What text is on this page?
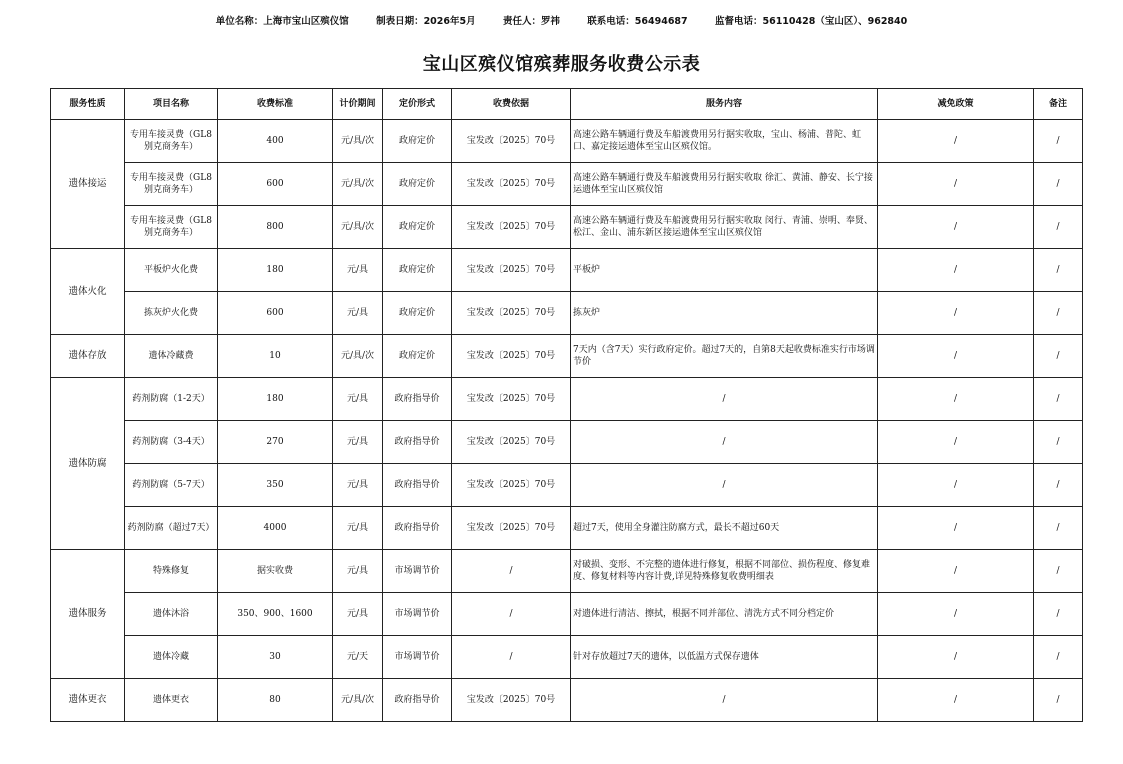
单位名称：上海市宝山区殡仪馆	制表日期：2026年5月	责任人：罗祎	联系电话：56494687	监督电话：56110428（宝山区）、962840
宝山区殡仪馆殡葬服务收费公示表
服务性质	项目名称	收费标准	计价期间	定价形式	收费依据	服务内容	减免政策	备注
遗体接运	专用车接灵费（GL8别克商务车）	400	元/具/次	政府定价	宝发改〔2025〕70号	高速公路车辆通行费及车船渡费用另行据实收取，宝山、杨浦、普陀、虹口、嘉定接运遗体至宝山区殡仪馆。	/	/
	专用车接灵费（GL8别克商务车）	600	元/具/次	政府定价	宝发改〔2025〕70号	高速公路车辆通行费及车船渡费用另行据实收取 徐汇、黄浦、静安、长宁接运遗体至宝山区殡仪馆	/	/
	专用车接灵费（GL8别克商务车）	800	元/具/次	政府定价	宝发改〔2025〕70号	高速公路车辆通行费及车船渡费用另行据实收取 闵行、青浦、崇明、奉贤、松江、金山、浦东新区接运遗体至宝山区殡仪馆	/	/
遗体火化	平板炉火化费	180	元/具	政府定价	宝发改〔2025〕70号	平板炉	/	/
	拣灰炉火化费	600	元/具	政府定价	宝发改〔2025〕70号	拣灰炉	/	/
遗体存放	遗体冷藏费	10	元/具/次	政府定价	宝发改〔2025〕70号	7天内（含7天）实行政府定价。超过7天的，自第8天起收费标准实行市场调节价	/	/
遗体防腐	药剂防腐（1-2天）	180	元/具	政府指导价	宝发改〔2025〕70号	/	/	/
	药剂防腐（3-4天）	270	元/具	政府指导价	宝发改〔2025〕70号	/	/	/
	药剂防腐（5-7天）	350	元/具	政府指导价	宝发改〔2025〕70号	/	/	/
	药剂防腐（超过7天）	4000	元/具	政府指导价	宝发改〔2025〕70号	超过7天，使用全身灌注防腐方式，最长不超过60天	/	/
遗体服务	特殊修复	据实收费	元/具	市场调节价	/	对破损、变形、不完整的遗体进行修复，根据不同部位、损伤程度、修复难度、修复材料等内容计费,详见特殊修复收费明细表	/	/
	遗体沐浴	350、900、1600	元/具	市场调节价	/	对遗体进行清洁、擦拭，根据不同并部位、清洗方式不同分档定价	/	/
	遗体冷藏	30	元/天	市场调节价	/	针对存放超过7天的遗体，以低温方式保存遗体	/	/
遗体更衣	遗体更衣	80	元/具/次	政府指导价	宝发改〔2025〕70号	/	/	/
